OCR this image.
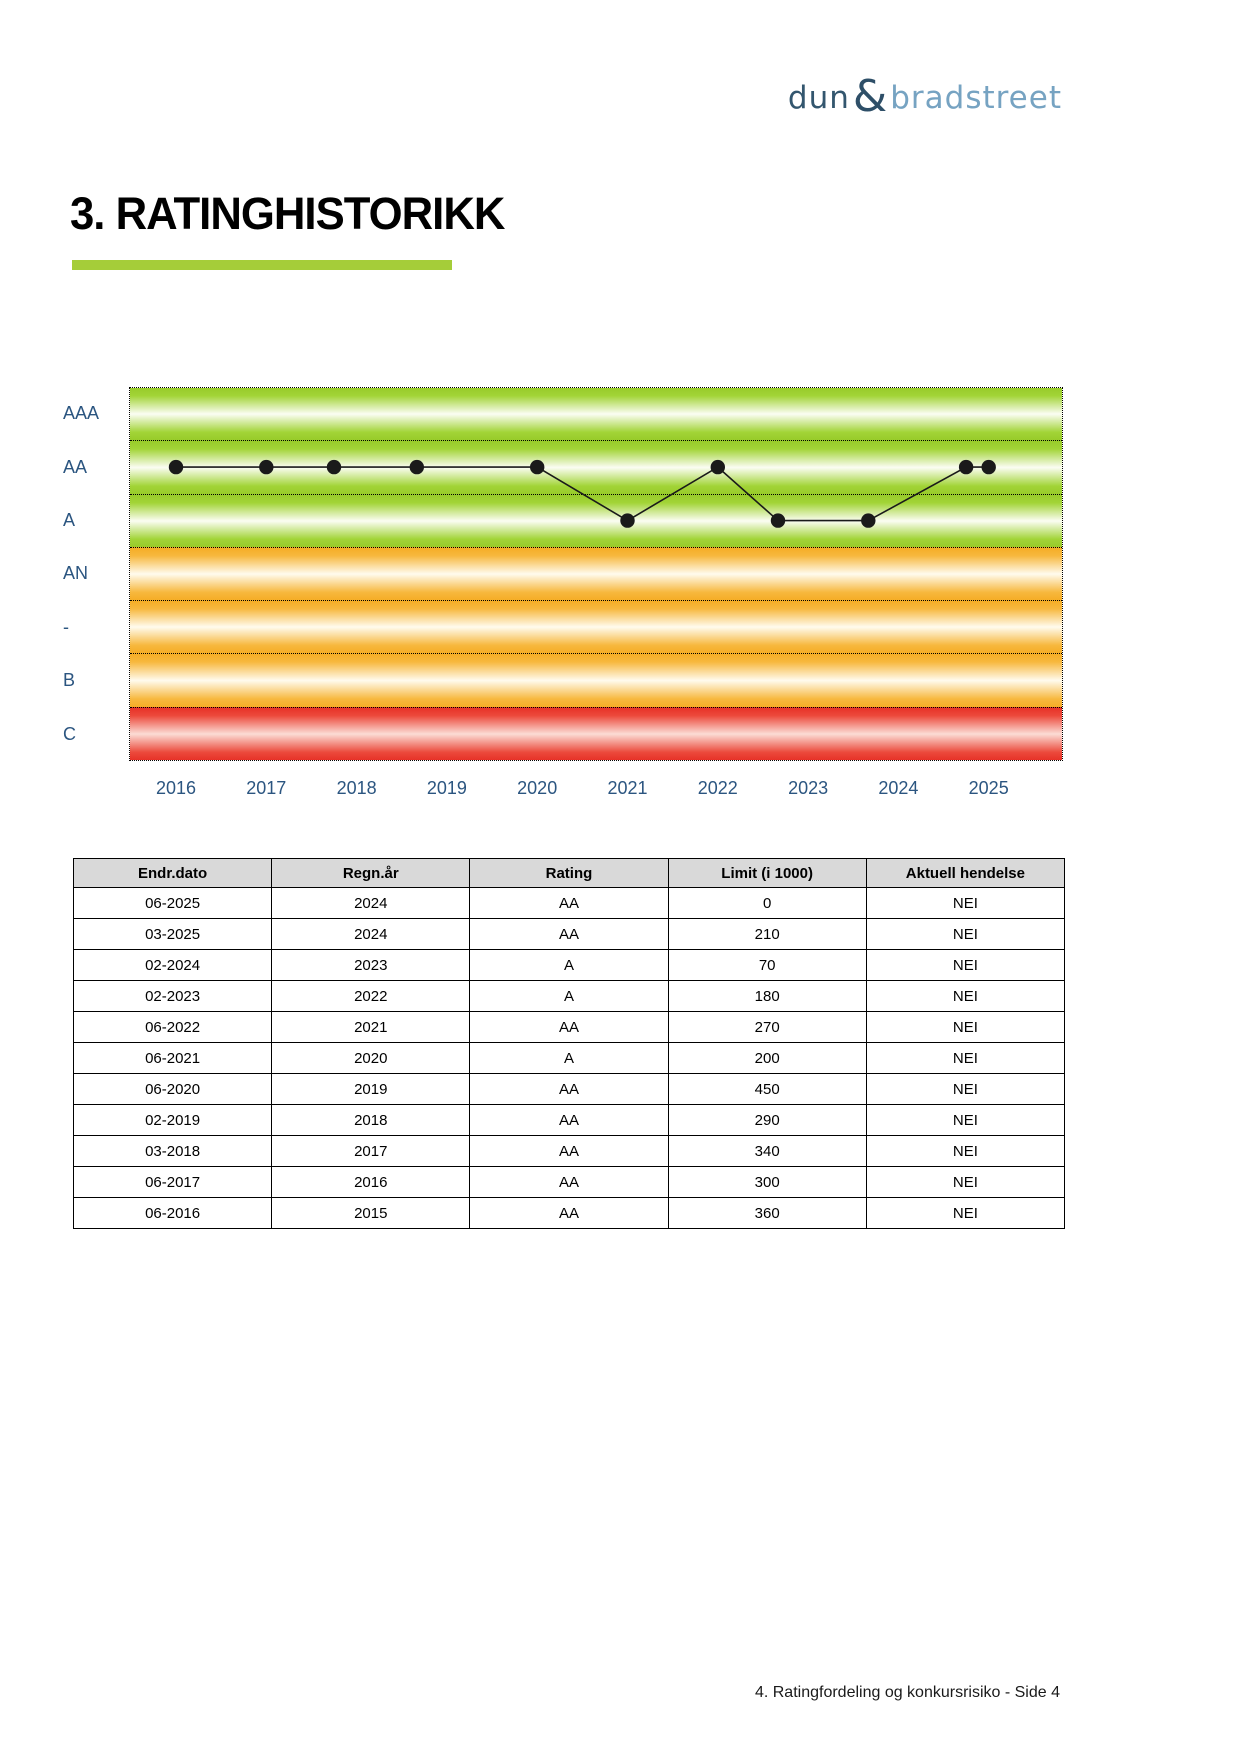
dun & bradstreet
3. RATINGHISTORIKK
Endr.dato	Regn.år	Rating	Limit (i 1000)	Aktuell hendelse
06-2025	2024	AA	0	NEI
03-2025	2024	AA	210	NEI
02-2024	2023	A	70	NEI
02-2023	2022	A	180	NEI
06-2022	2021	AA	270	NEI
06-2021	2020	A	200	NEI
06-2020	2019	AA	450	NEI
02-2019	2018	AA	290	NEI
03-2018	2017	AA	340	NEI
06-2017	2016	AA	300	NEI
06-2016	2015	AA	360	NEI
4. Ratingfordeling og konkursrisiko - Side 4
AAA
AA
A
AN
-
B
C
2016	2017	2018	2019	2020	2021	2022	2023	2024	2025
